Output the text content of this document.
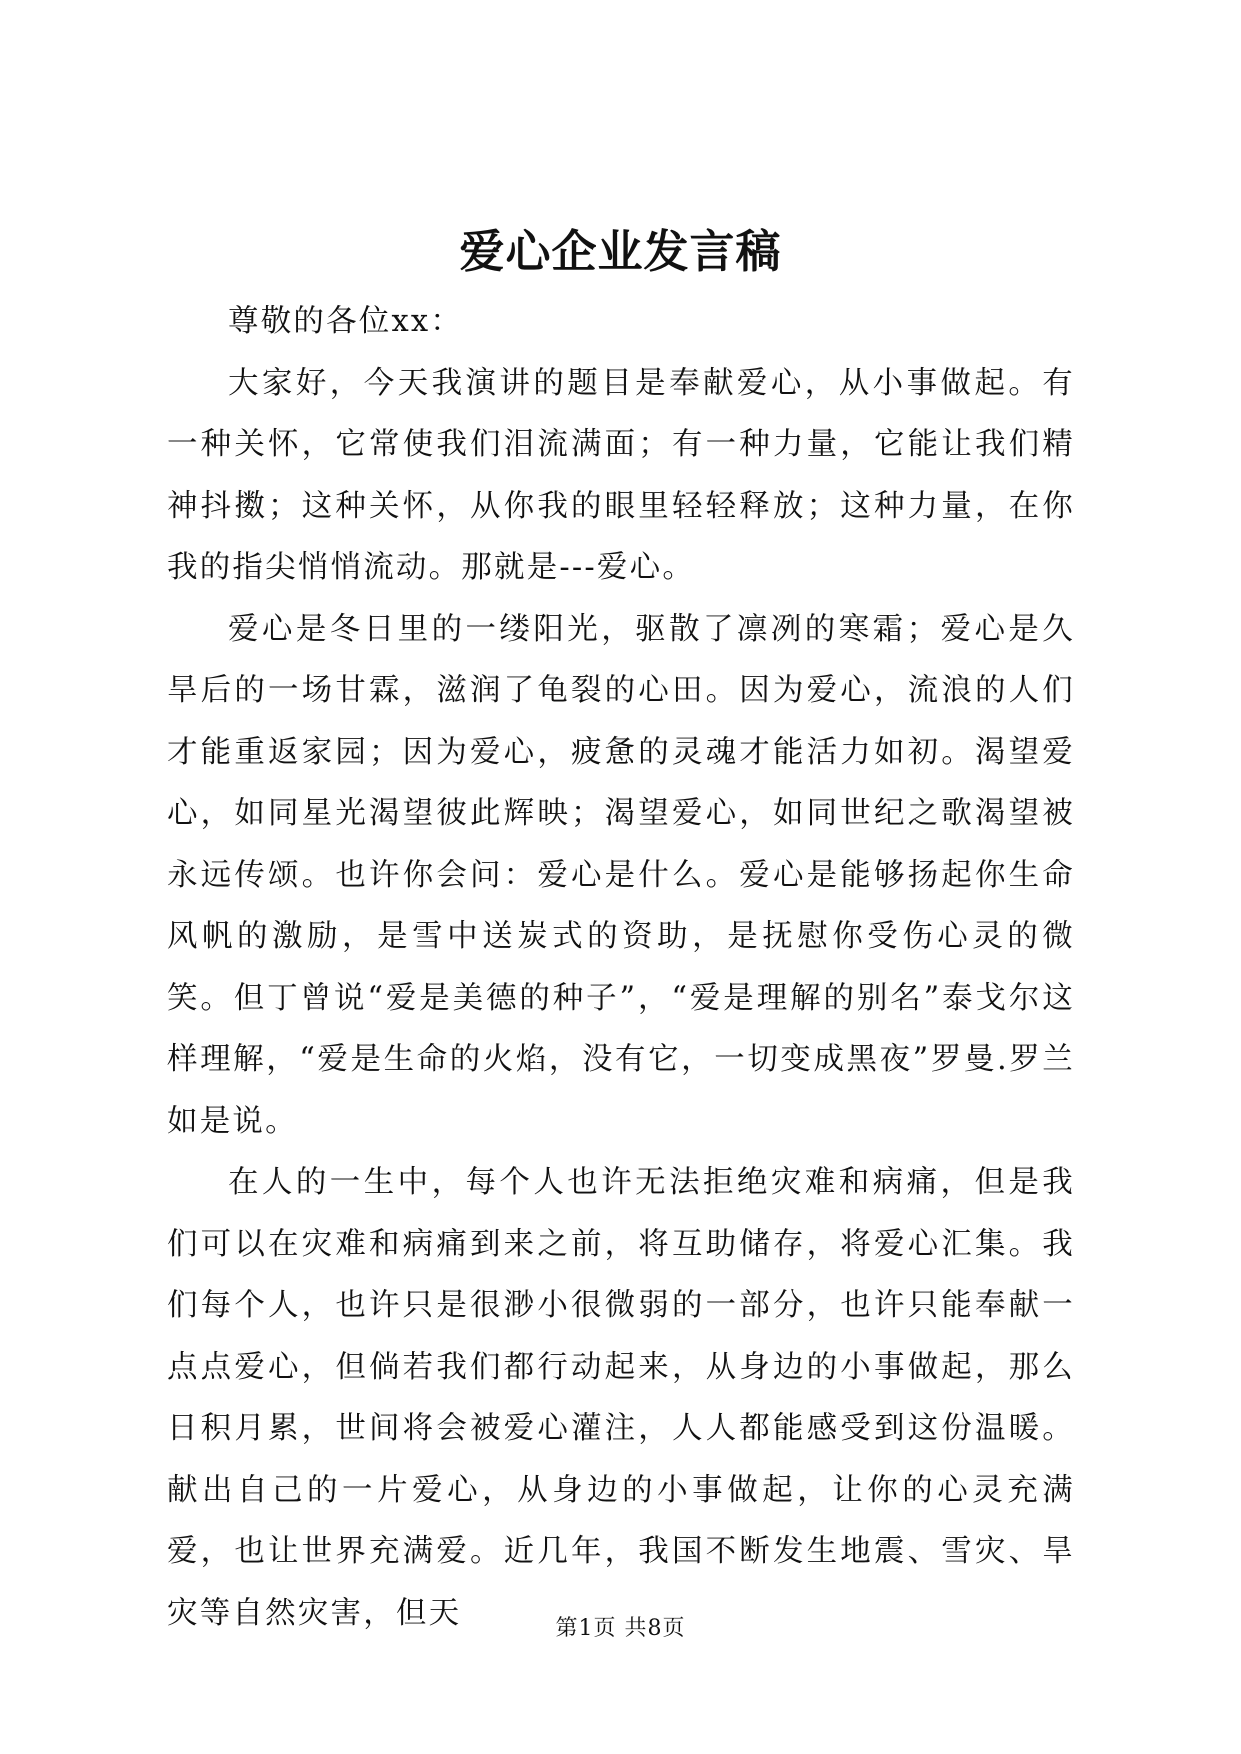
爱心企业发言稿

尊敬的各位xx：

大家好，今天我演讲的题目是奉献爱心，从小事做起。有一种关怀，它常使我们泪流满面；有一种力量，它能让我们精神抖擞；这种关怀，从你我的眼里轻轻释放；这种力量，在你我的指尖悄悄流动。那就是---爱心。

爱心是冬日里的一缕阳光，驱散了凛冽的寒霜；爱心是久旱后的一场甘霖，滋润了龟裂的心田。因为爱心，流浪的人们才能重返家园；因为爱心，疲惫的灵魂才能活力如初。渴望爱心，如同星光渴望彼此辉映；渴望爱心，如同世纪之歌渴望被永远传颂。也许你会问：爱心是什么。爱心是能够扬起你生命风帆的激励，是雪中送炭式的资助，是抚慰你受伤心灵的微笑。但丁曾说“爱是美德的种子”，“爱是理解的别名”泰戈尔这样理解，“爱是生命的火焰，没有它，一切变成黑夜”罗曼.罗兰如是说。

在人的一生中，每个人也许无法拒绝灾难和病痛，但是我们可以在灾难和病痛到来之前，将互助储存，将爱心汇集。我们每个人，也许只是很渺小很微弱的一部分，也许只能奉献一点点爱心，但倘若我们都行动起来，从身边的小事做起，那么日积月累，世间将会被爱心灌注，人人都能感受到这份温暖。献出自己的一片爱心，从身边的小事做起，让你的心灵充满爱，也让世界充满爱。近几年，我国不断发生地震、雪灾、旱灾等自然灾害，但天	第1页 共8页
